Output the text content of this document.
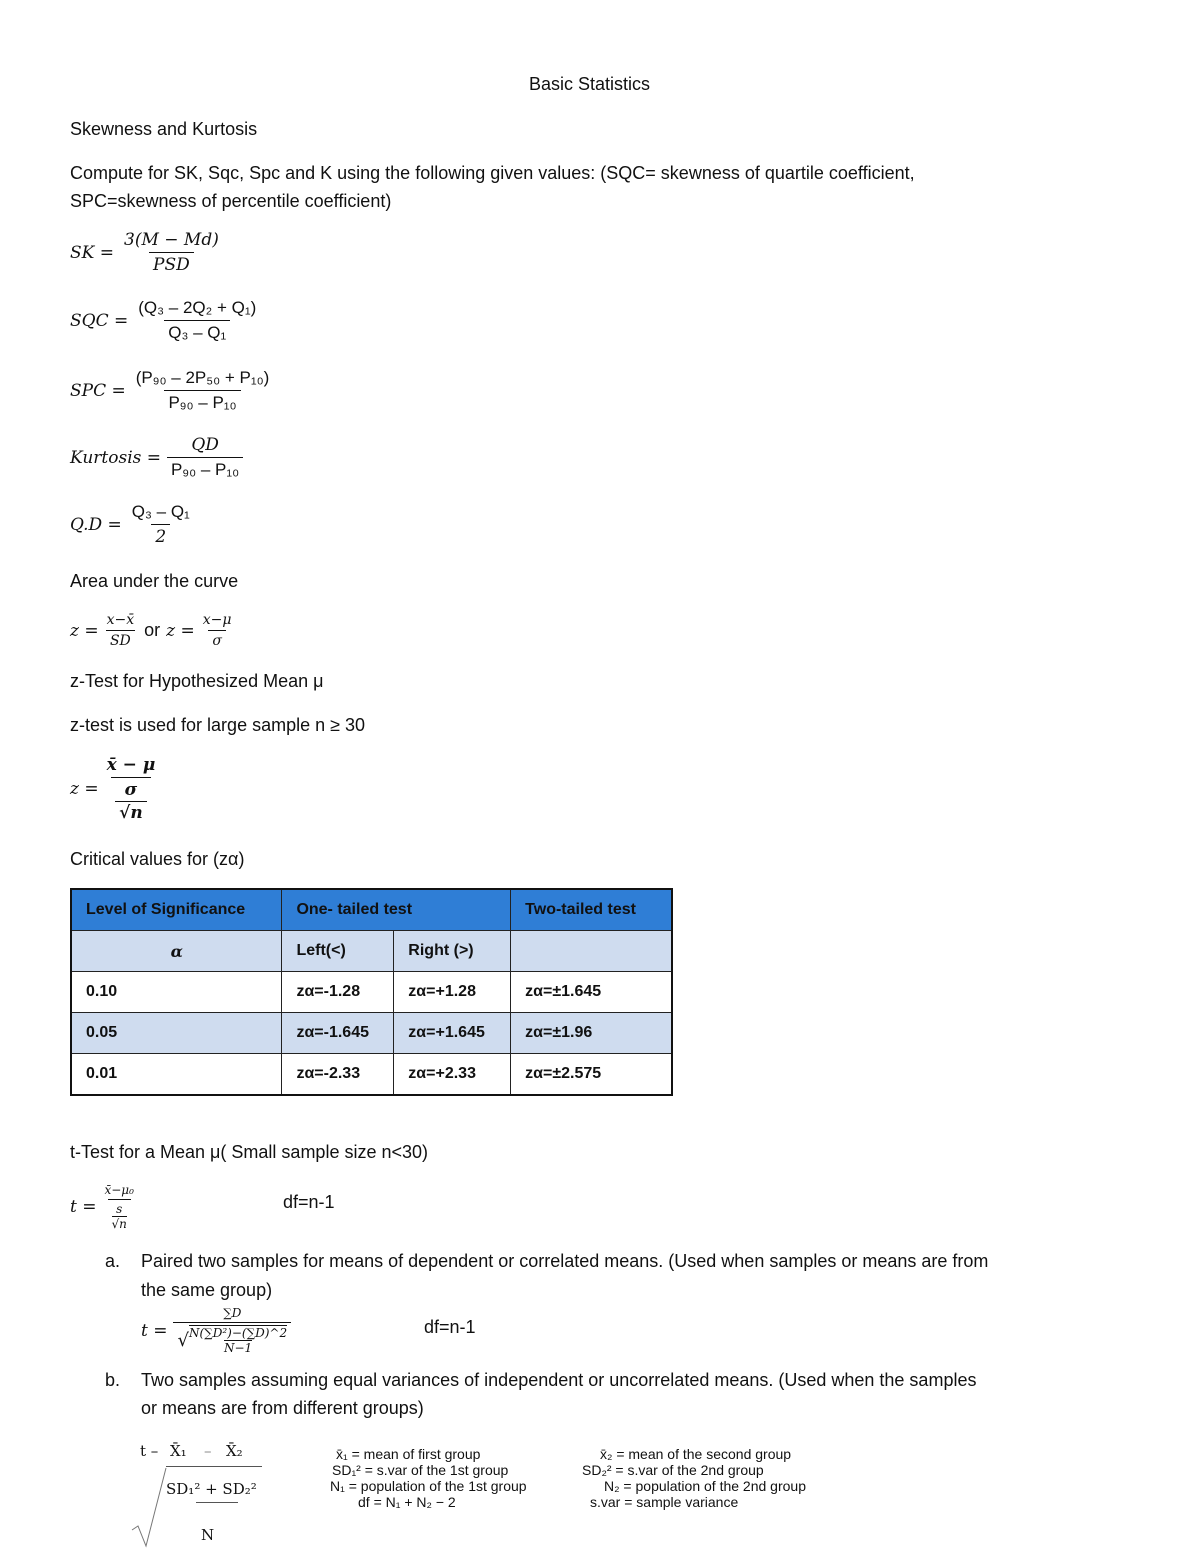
Basic Statistics
Skewness and Kurtosis
Compute for SK, Sqc, Spc and K using the following given values: (SQC= skewness of quartile coefficient,
SPC=skewness of percentile coefficient)
SK = $\frac{3(M - Md)}{\text{PSD}}$
SQC = $\frac{\text{(Q₃ – 2Q₂ + Q₁)}}{\text{Q₃ – Q₁}}$
SPC = $\frac{\text{(P₉₀ – 2P₅₀ + P₁₀)}}{\text{P₉₀ – P₁₀}}$
Kurtosis = $\frac{QD}{\text{P₉₀ – P₁₀}}$
$Q.D = \frac{\text{Q₃ – Q₁}}{2}$
Area under the curve
$z = \frac{x-x̄}{SD}$ or $z = \frac{x-\mu}{\sigma}$
z-Test for Hypothesized Mean μ
z-test is used for large sample n ≥ 30
z = x̄ − μ
σ
√n
Critical values for (zα)
Level of Significance	One- tailed test		Two-tailed test
α	Left(<)	Right (>)	
0.10	zα=-1.28	zα=+1.28	zα=±1.645
0.05	zα=-1.645	zα=+1.645	zα=±1.96
0.01	zα=-2.33	zα=+2.33	zα=±2.575
t-Test for a Mean μ( Small sample size n<30)
t = x̄−μ₀
s
√n	df=n-1
a. Paired two samples for means of dependent or correlated means. (Used when samples or means are from
the same group)
$t = \frac{\sum D}{√ \frac{\text{N(∑D²)−(∑D)\textasciicircum{}2}}{N-1}}$	df=n-1
b. Two samples assuming equal variances of independent or uncorrelated means. (Used when the samples
or means are from different groups)
t – X̄₁ – X̄₂
SD₁² + SD₂²
N
x̄₁ = mean of first group
SD₁² = s.var of the 1st group
N₁ = population of the 1st group
df = N₁ + N₂ − 2
x̄₂ = mean of the second group
SD₂² = s.var of the 2nd group
N₂ = population of the 2nd group
s.var = sample variance
